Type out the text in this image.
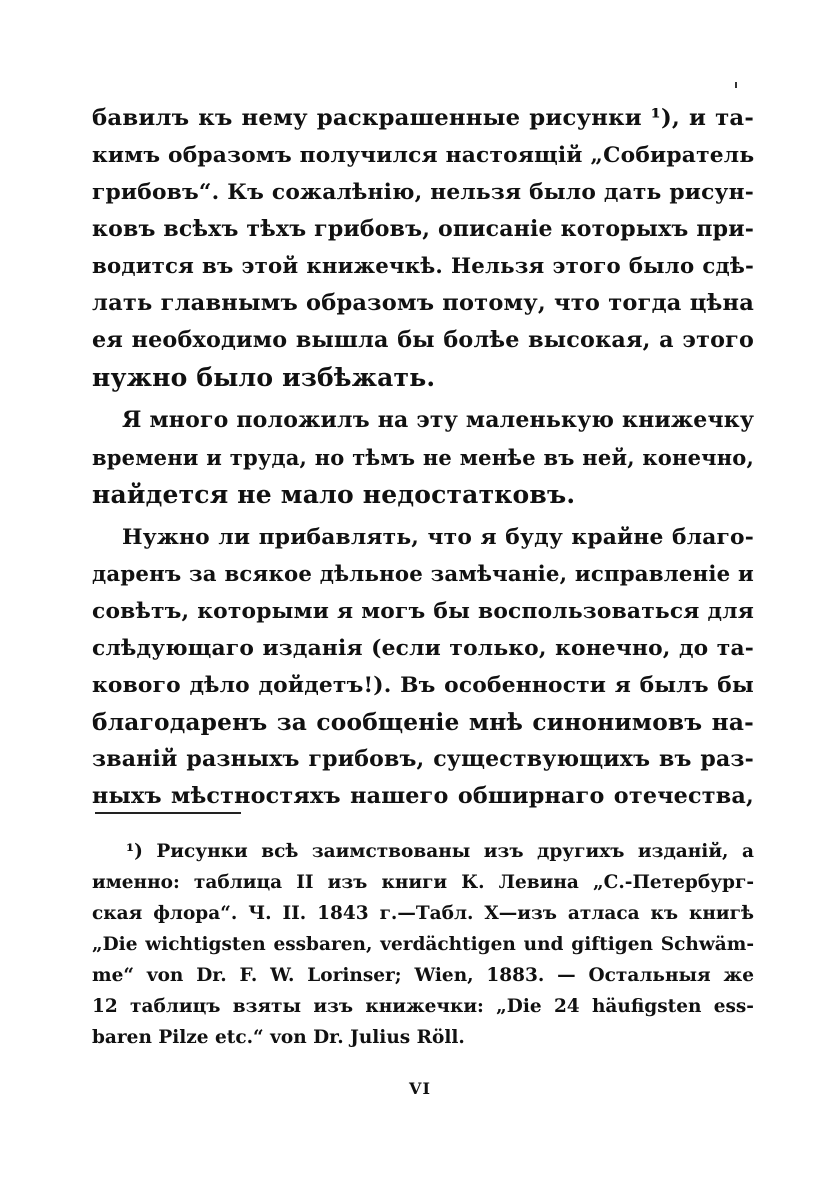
бавилъ къ нему раскрашенные рисунки ¹), и та-
кимъ образомъ получился настоящій „Собиратель
грибовъ“. Къ сожалѣнію, нельзя было дать рисун-
ковъ всѣхъ тѣхъ грибовъ, описаніе которыхъ при-
водится въ этой книжечкѣ. Нельзя этого было сдѣ-
лать главнымъ образомъ потому, что тогда цѣна
ея необходимо вышла бы болѣе высокая, а этого
нужно было избѣжать.
Я много положилъ на эту маленькую книжечку
времени и труда, но тѣмъ не менѣе въ ней, конечно,
найдется не мало недостатковъ.
Нужно ли прибавлять, что я буду крайне благо-
даренъ за всякое дѣльное замѣчаніе, исправленіе и
совѣтъ, которыми я могъ бы воспользоваться для
слѣдующаго изданія (если только, конечно, до та-
кового дѣло дойдетъ!). Въ особенности я былъ бы
благодаренъ за сообщеніе мнѣ синонимовъ на-
званій разныхъ грибовъ, существующихъ въ раз-
ныхъ мѣстностяхъ нашего обширнаго отечества,
¹) Рисунки всѣ заимствованы изъ другихъ изданій, а
именно: таблица II изъ книги К. Левина „С.-Петербург-
ская флора“. Ч. II. 1843 г.—Табл. X—изъ атласа къ книгѣ
„Die wichtigsten essbaren, verdächtigen und giftigen Schwäm-
me“ von Dr. F. W. Lorinser; Wien, 1883. — Остальныя же
12 таблицъ взяты изъ книжечки: „Die 24 häufigsten ess-
baren Pilze etc.“ von Dr. Julius Röll.
VI
